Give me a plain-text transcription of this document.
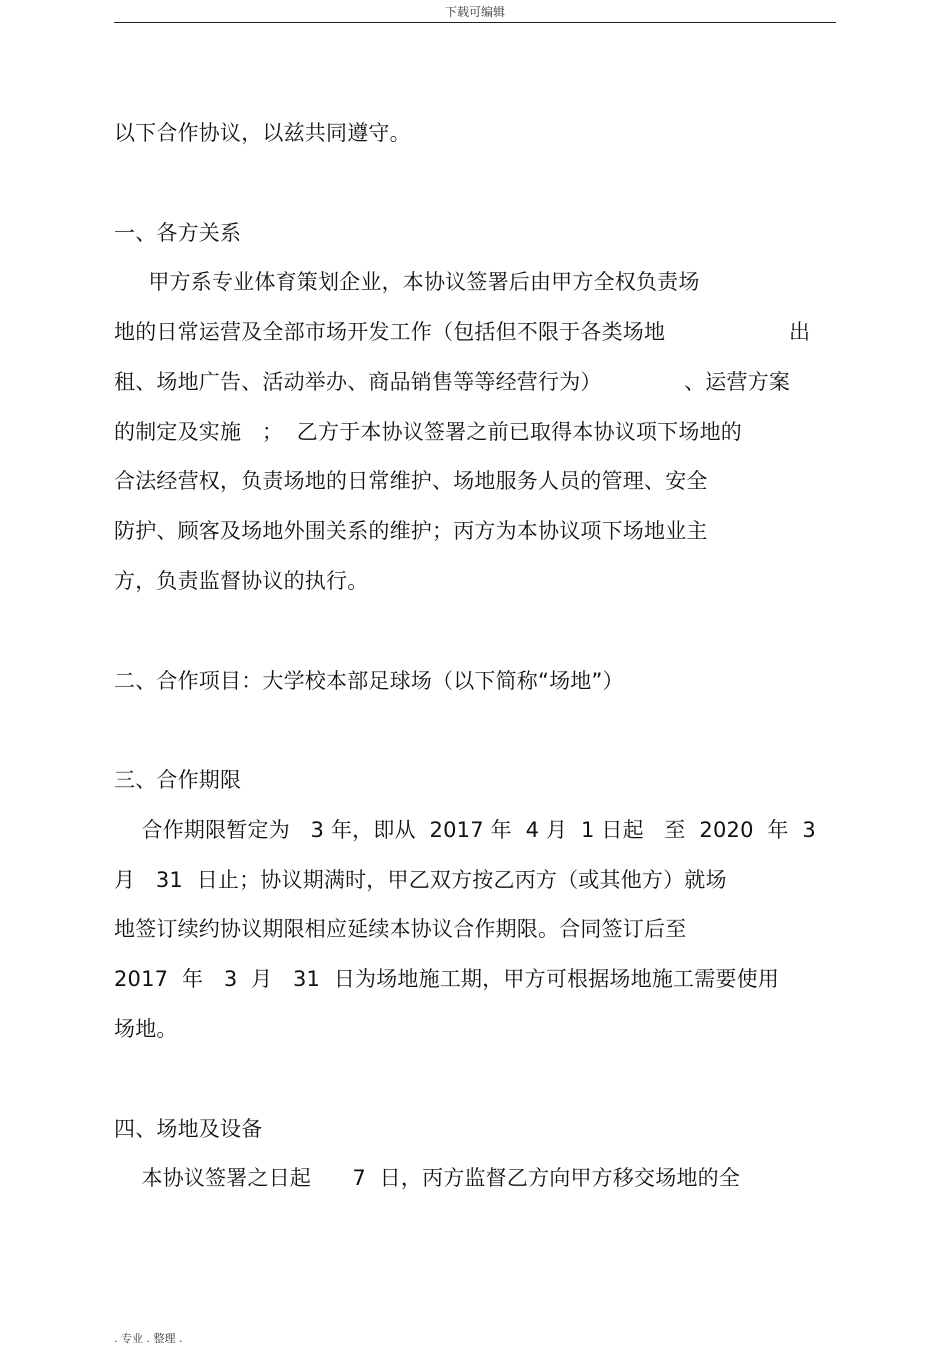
下载可编辑
以下合作协议，以兹共同遵守。
一、各方关系
甲方系专业体育策划企业，本协议签署后由甲方全权负责场
地的日常运营及全部市场开发工作（包括但不限于各类场地                  出
租、场地广告、活动举办、商品销售等等经营行为）            、运营方案
的制定及实施   ；  乙方于本协议签署之前已取得本协议项下场地的
合法经营权，负责场地的日常维护、场地服务人员的管理、安全
防护、顾客及场地外围关系的维护；丙方为本协议项下场地业主
方，负责监督协议的执行。
二、合作项目：大学校本部足球场（以下简称“场地”）
三、合作期限
合作期限暂定为   3 年，即从  2017 年  4 月  1 日起   至  2020  年  3
月   31  日止；协议期满时，甲乙双方按乙丙方（或其他方）就场
地签订续约协议期限相应延续本协议合作期限。合同签订后至
2017  年   3  月   31  日为场地施工期，甲方可根据场地施工需要使用
场地。
四、场地及设备
本协议签署之日起      7  日，丙方监督乙方向甲方移交场地的全
. 专业 . 整理 .
